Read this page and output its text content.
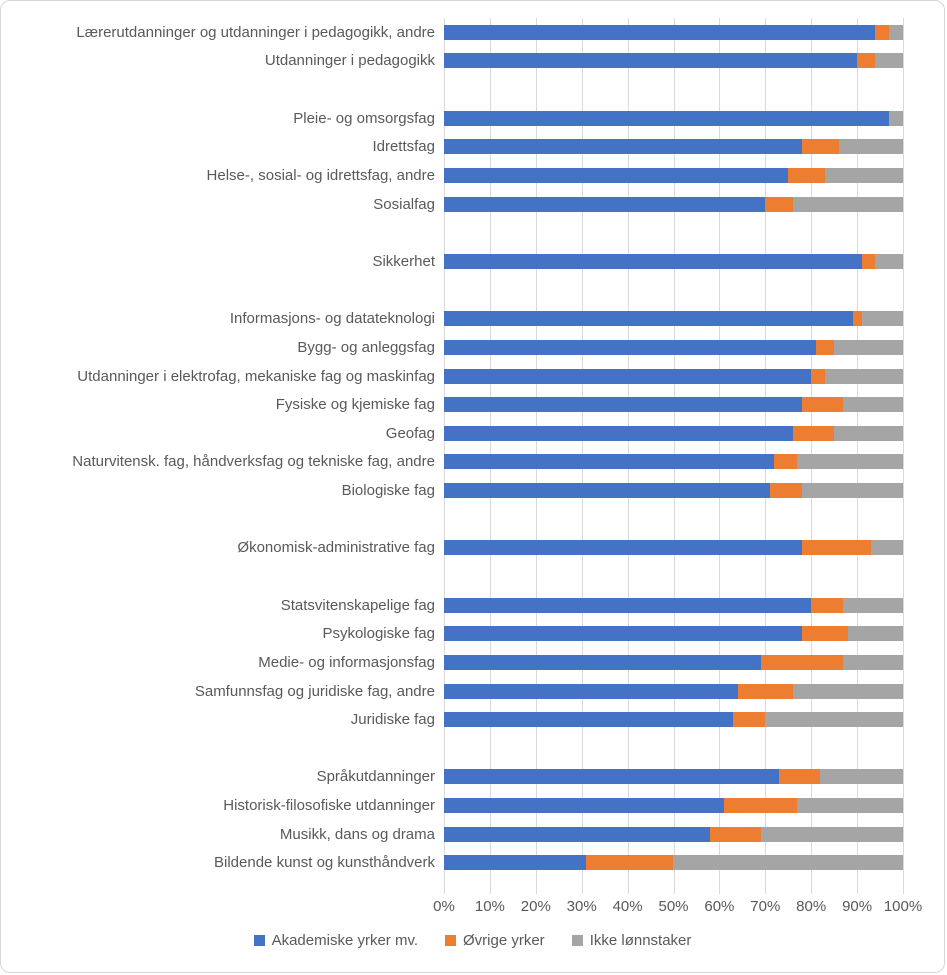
Lærerutdanninger og utdanninger i pedagogikk, andre
Utdanninger i pedagogikk
Pleie- og omsorgsfag
Idrettsfag
Helse-, sosial- og idrettsfag, andre
Sosialfag
Sikkerhet
Informasjons- og datateknologi
Bygg- og anleggsfag
Utdanninger i elektrofag, mekaniske fag og maskinfag
Fysiske og kjemiske fag
Geofag
Naturvitensk. fag, håndverksfag og tekniske fag, andre
Biologiske fag
Økonomisk-administrative fag
Statsvitenskapelige fag
Psykologiske fag
Medie- og informasjonsfag
Samfunnsfag og juridiske fag, andre
Juridiske fag
Språkutdanninger
Historisk-filosofiske utdanninger
Musikk, dans og drama
Bildende kunst og kunsthåndverk
0% 10% 20% 30% 40% 50% 60% 70% 80% 90% 100%
Akademiske yrker mv.	Øvrige yrker	Ikke lønnstaker
